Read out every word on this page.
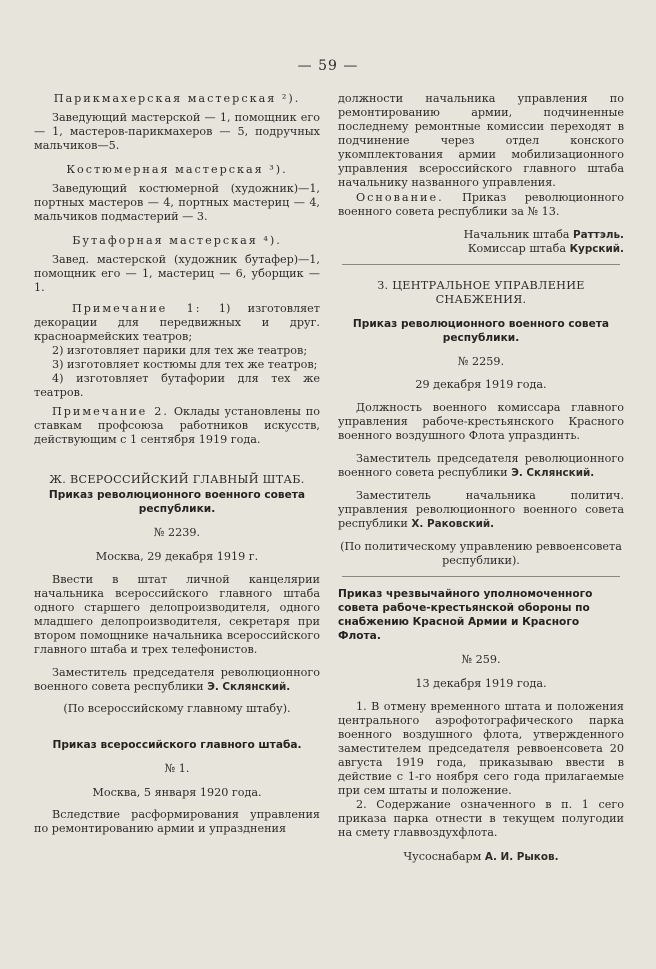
— 59 —

Парикмахерская мастерская ²).

Заведующий мастерской — 1, помощник его — 1, мастеров-парикмахеров — 5, подручных мальчиков—5.

Костюмерная мастерская ³).

Заведующий костюмерной (художник)—1, портных мастеров — 4, портных мастериц — 4, мальчиков подмастерий — 3.

Бутафорная мастерская ⁴).

Завед. мастерской (художник бутафер)—1, помощник его — 1, мастериц — 6, уборщик — 1.

Примечание 1: 1) изготовляет декорации для передвижных и друг. красноармейских театров;

2) изготовляет парики для тех же театров;

3) изготовляет костюмы для тех же театров;

4) изготовляет бутафории для тех же театров.

Примечание 2. Оклады установлены по ставкам профсоюза работников искусств, действующим с 1 сентября 1919 года.

Ж. ВСЕРОССИЙСКИЙ ГЛАВНЫЙ ШТАБ.

Приказ революционного военного совета республики.

№ 2239.

Москва, 29 декабря 1919 г.

Ввести в штат личной канцелярии начальника всероссийского главного штаба одного старшего делопроизводителя, одного младшего делопроизводителя, секретаря при втором помощнике начальника всероссийского главного штаба и трех телефонистов.

Заместитель председателя революционного военного совета республики Э. Склянский.

(По всероссийскому главному штабу).

Приказ всероссийского главного штаба.

№ 1.

Москва, 5 января 1920 года.

Вследствие расформирования управления по ремонтированию армии и упразднения

должности начальника управления по ремонтированию армии, подчиненные последнему ремонтные комиссии переходят в подчинение через отдел конского укомплектования армии мобилизационного управления всероссийского главного штаба начальнику названного управления.

Основание. Приказ революционного военного совета республики за № 13.

Начальник штаба Раттэль.

Комиссар штаба Курский.

З. ЦЕНТРАЛЬНОЕ УПРАВЛЕНИЕ СНАБЖЕНИЯ.

Приказ революционного военного совета республики.

№ 2259.

29 декабря 1919 года.

Должность военного комиссара главного управления рабоче-крестьянского Красного военного воздушного Флота упраздинть.

Заместитель председателя революционного военного совета республики Э. Склянский.

Заместитель начальника политич. управления революционного военного совета республики Х. Раковский.

(По политическому управлению реввоенсовета республики).

Приказ чрезвычайного уполномоченного совета рабоче-крестьянской обороны по снабжению Красной Армии и Красного Флота.

№ 259.

13 декабря 1919 года.

1. В отмену временного штата и положения центрального аэрофотографического парка военного воздушного флота, утвержденного заместителем председателя реввоенсовета 20 августа 1919 года, приказываю ввести в действие с 1-го ноября сего года прилагаемые при сем штаты и положение.

2. Содержание означенного в п. 1 сего приказа парка отнести в текущем полугодии на смету главвоздухфлота.

Чусоснабарм А. И. Рыков.
